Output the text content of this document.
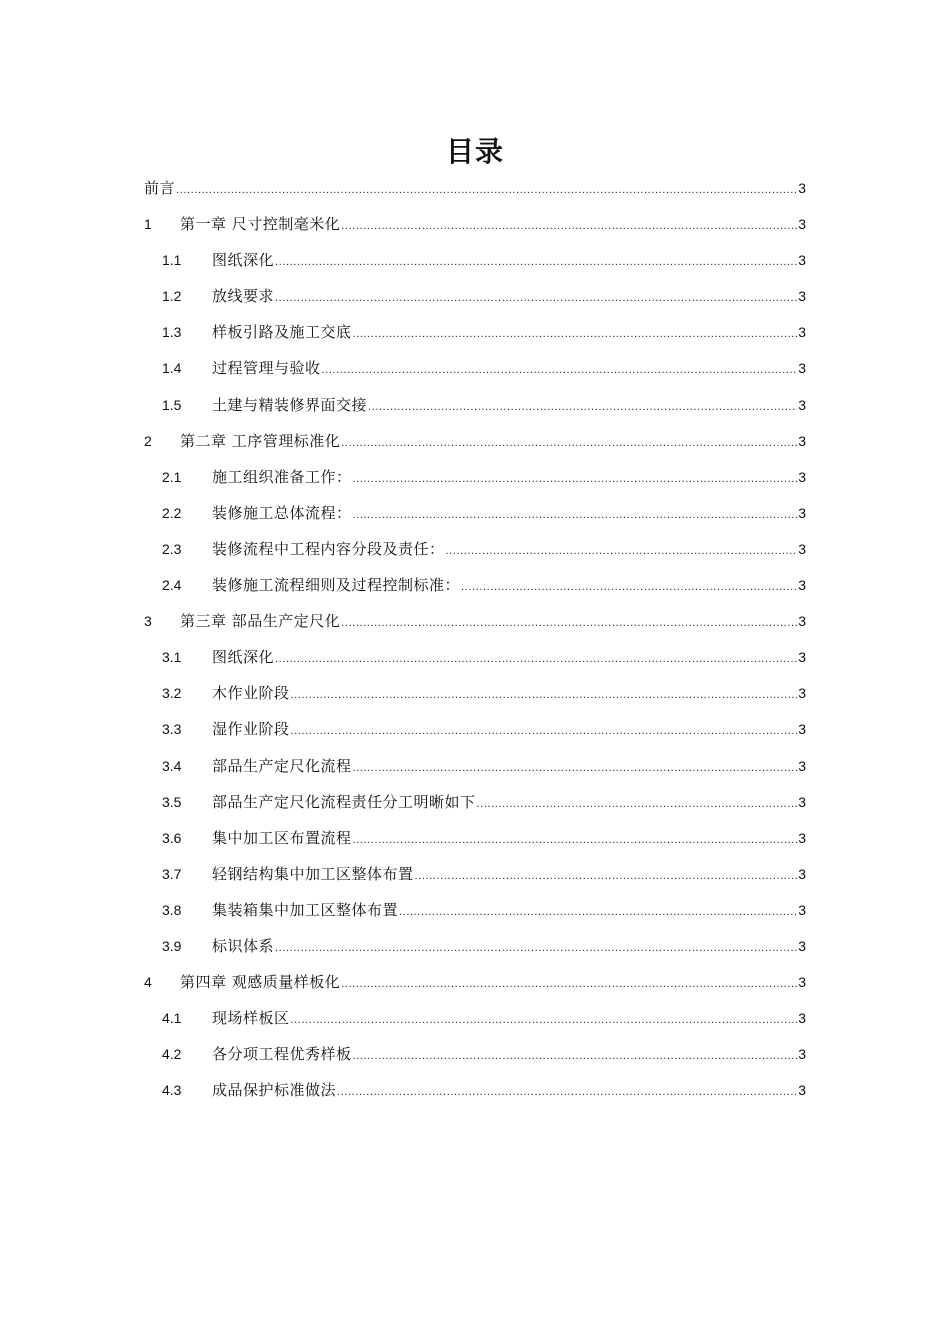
目录
前言 .....	3
1	第一章 尺寸控制毫米化 .....	3
1.1	图纸深化 .....	3
1.2	放线要求 .....	3
1.3	样板引路及施工交底 .....	3
1.4	过程管理与验收 .....	3
1.5	土建与精装修界面交接 .....	3
2	第二章 工序管理标准化 .....	3
2.1	施工组织准备工作： .....	3
2.2	装修施工总体流程： .....	3
2.3	装修流程中工程内容分段及责任： .....	3
2.4	装修施工流程细则及过程控制标准： .....	3
3	第三章 部品生产定尺化 .....	3
3.1	图纸深化 .....	3
3.2	木作业阶段 .....	3
3.3	湿作业阶段 .....	3
3.4	部品生产定尺化流程 .....	3
3.5	部品生产定尺化流程责任分工明晰如下 .....	3
3.6	集中加工区布置流程 .....	3
3.7	轻钢结构集中加工区整体布置 .....	3
3.8	集装箱集中加工区整体布置 .....	3
3.9	标识体系 .....	3
4	第四章 观感质量样板化 .....	3
4.1	现场样板区 .....	3
4.2	各分项工程优秀样板 .....	3
4.3	成品保护标准做法 .....	3
